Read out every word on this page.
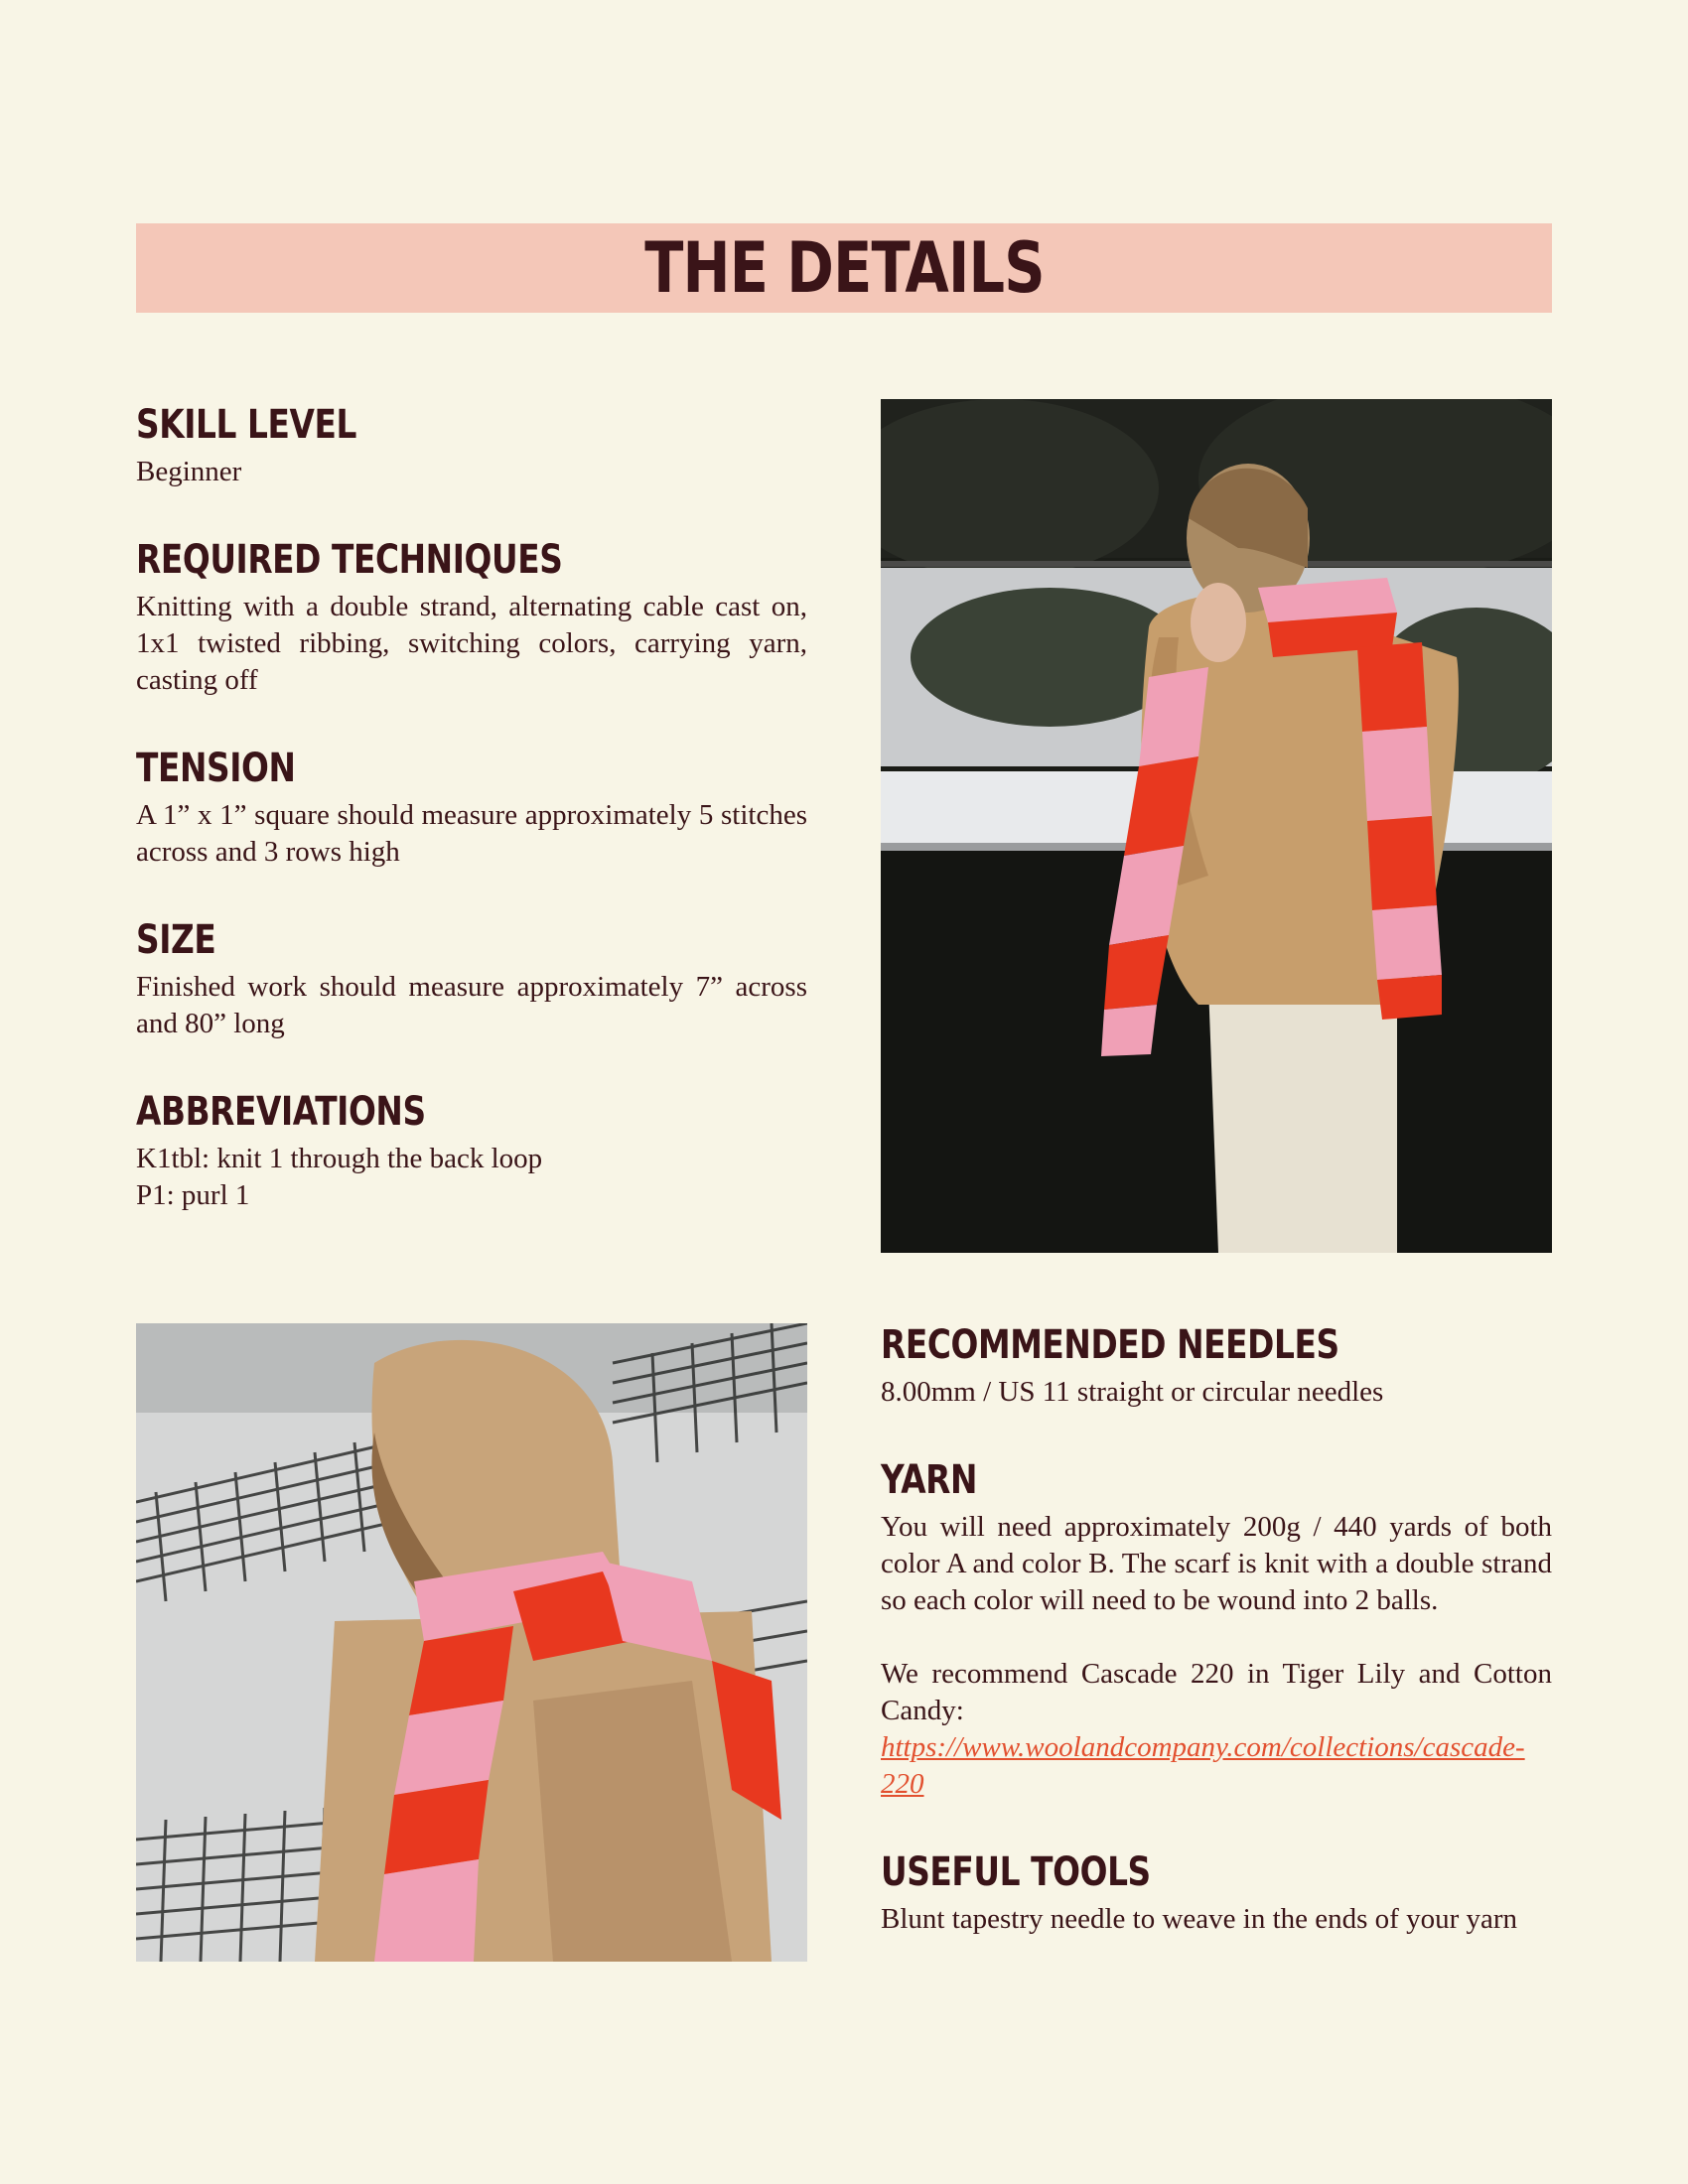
THE DETAILS
SKILL LEVEL

Beginner

REQUIRED TECHNIQUES

Knitting with a double strand, alternating cable cast on, 1x1 twisted ribbing, switching colors, carrying yarn, casting off

TENSION

A 1” x 1” square should measure approximately 5 stitches across and 3 rows high

SIZE

Finished work should measure approximately 7” across and 80” long

ABBREVIATIONS

K1tbl: knit 1 through the back loop

P1: purl 1

RECOMMENDED NEEDLES

8.00mm / US 11 straight or circular needles

YARN

You will need approximately 200g / 440 yards of both color A and color B. The scarf is knit with a double strand so each color will need to be wound into 2 balls.

We recommend Cascade 220 in Tiger Lily and Cotton Candy: https://www.woolandcompany.com/collections/cascade-220

USEFUL TOOLS

Blunt tapestry needle to weave in the ends of your yarn
